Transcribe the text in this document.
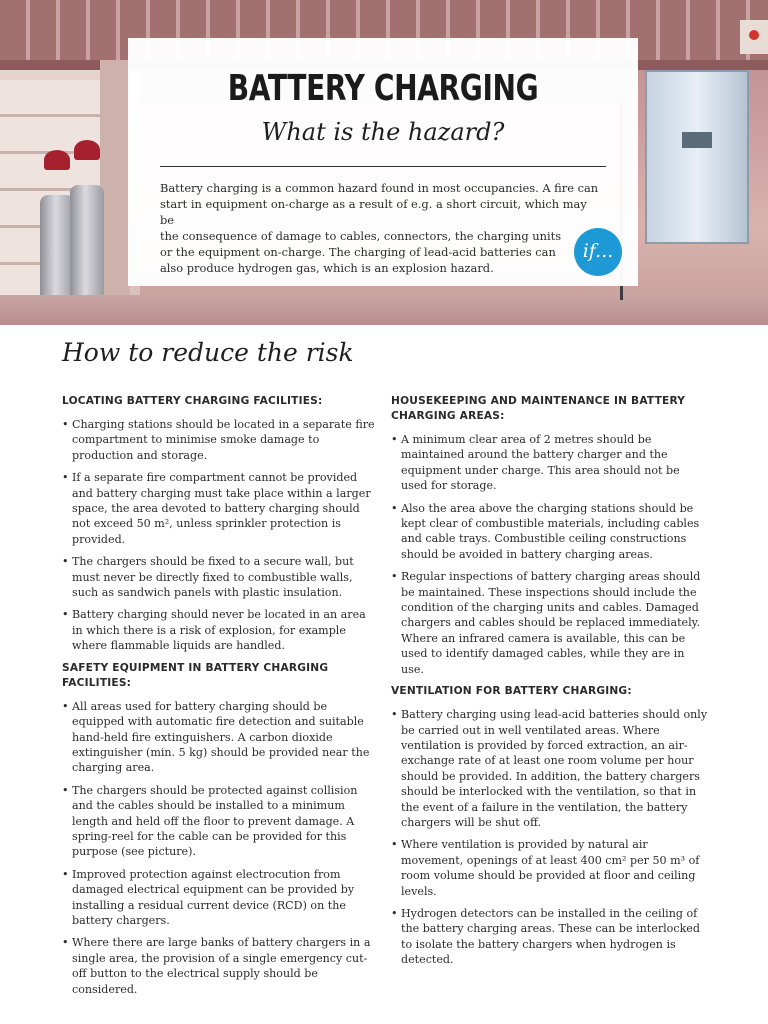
BATTERY CHARGING
What is the hazard?
Battery charging is a common hazard found in most occupancies. A fire can
start in equipment on-charge as a result of e.g. a short circuit, which may be
the consequence of damage to cables, connectors, the charging units
or the equipment on-charge. The charging of lead-acid batteries can
also produce hydrogen gas, which is an explosion hazard.
if...
How to reduce the risk
LOCATING BATTERY CHARGING FACILITIES:
• Charging stations should be located in a separate fire compartment to minimise smoke damage to production and storage.
• If a separate fire compartment cannot be provided and battery charging must take place within a larger space, the area devoted to battery charging should not exceed 50 m², unless sprinkler protection is provided.
• The chargers should be fixed to a secure wall, but must never be directly fixed to combustible walls, such as sandwich panels with plastic insulation.
• Battery charging should never be located in an area in which there is a risk of explosion, for example where flammable liquids are handled.
SAFETY EQUIPMENT IN BATTERY CHARGING FACILITIES:
• All areas used for battery charging should be equipped with automatic fire detection and suitable hand-held fire extinguishers. A carbon dioxide extinguisher (min. 5 kg) should be provided near the charging area.
• The chargers should be protected against collision and the cables should be installed to a minimum length and held off the floor to prevent damage. A spring-reel for the cable can be provided for this purpose (see picture).
• Improved protection against electrocution from damaged electrical equipment can be provided by installing a residual current device (RCD) on the battery chargers.
• Where there are large banks of battery chargers in a single area, the provision of a single emergency cut-off button to the electrical supply should be considered.
HOUSEKEEPING AND MAINTENANCE IN BATTERY CHARGING AREAS:
• A minimum clear area of 2 metres should be maintained around the battery charger and the equipment under charge. This area should not be used for storage.
• Also the area above the charging stations should be kept clear of combustible materials, including cables and cable trays. Combustible ceiling constructions should be avoided in battery charging areas.
• Regular inspections of battery charging areas should be maintained. These inspections should include the condition of the charging units and cables. Damaged chargers and cables should be replaced immediately. Where an infrared camera is available, this can be used to identify damaged cables, while they are in use.
VENTILATION FOR BATTERY CHARGING:
• Battery charging using lead-acid batteries should only be carried out in well ventilated areas. Where ventilation is provided by forced extraction, an air-exchange rate of at least one room volume per hour should be provided. In addition, the battery chargers should be interlocked with the ventilation, so that in the event of a failure in the ventilation, the battery chargers will be shut off.
• Where ventilation is provided by natural air movement, openings of at least 400 cm² per 50 m³ of room volume should be provided at floor and ceiling levels.
• Hydrogen detectors can be installed in the ceiling of the battery charging areas. These can be interlocked to isolate the battery chargers when hydrogen is detected.
